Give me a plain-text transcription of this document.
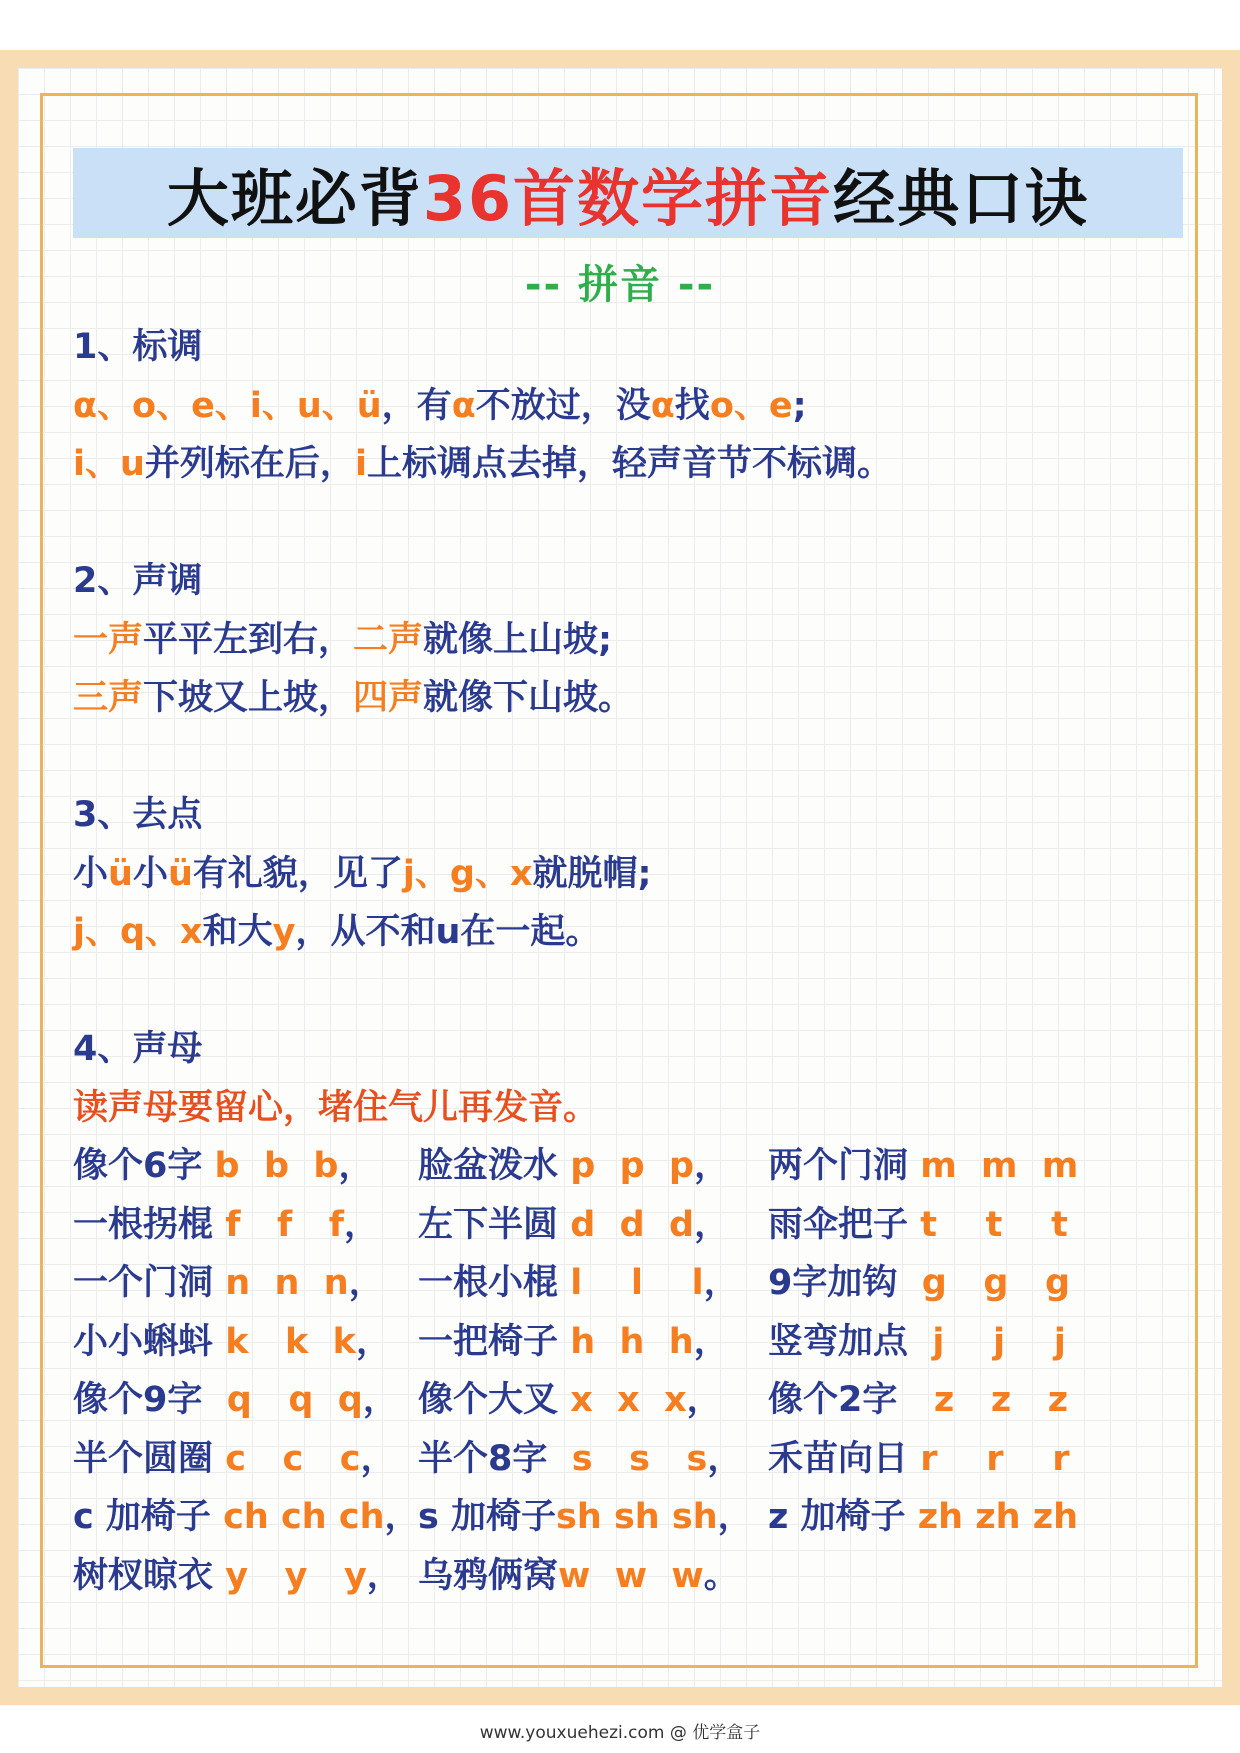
大班必背 36首数学拼音 经典口诀
-- 拼音 --
1、标调
α、o、e、i、u、ü，有α不放过，没α找o、e;
i、u并列标在后，i上标调点去掉，轻声音节不标调。
2、声调
一声平平左到右，二声就像上山坡;
三声下坡又上坡，四声就像下山坡。
3、去点
小ü小ü有礼貌，见了j、g、x就脱帽;
j、q、x和大y，从不和u在一起。
4、声母
读声母要留心，堵住气儿再发音。
像个6字 b  b  b ， 脸盆泼水 p  p  p ， 两个门洞 m  m  m
一根拐棍 f   f   f ， 左下半圆 d  d  d ， 雨伞把子 t    t    t
一个门洞 n  n  n ， 一根小棍 l    l    l ， 9字加钩 g   g   g
小小蝌蚪 k   k  k ， 一把椅子 h  h  h ， 竖弯加点 j    j    j
像个9字 q   q  q ， 像个大叉 x  x  x ， 像个2字 z   z   z
半个圆圈 c   c   c ， 半个8字 s   s   s ， 禾苗向日 r    r    r
c 加椅子 ch ch ch ，
s 加椅子 sh sh sh ， z 加椅子 zh zh zh
树杈晾衣 y   y   y ， 乌鸦俩窝 w  w  w 。
www.youxuehezi.com @ 优学盒子
